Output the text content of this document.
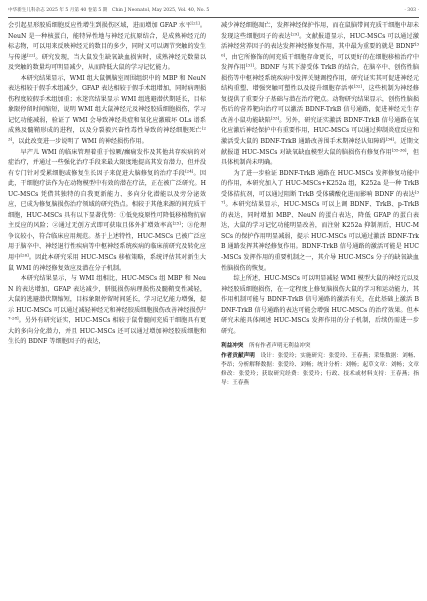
中华新生儿科杂志 2025 年 5 月第 40 卷第 5 期　Chin J Neonatol, May 2025, Vol. 40, No. 5	· 303 ·

会引起星形胶质细胞反应性增生到损伤区域，进而增加 GFAP 水平[21]。NeuN 是一种核蛋白，能特异性地与神经元抗原结合，是成熟神经元的标志物，可以用来反映神经元的数目的多少，同时又可以调节突触的发生与传递[22]。研究发现，当大鼠发生缺氧缺血损害时，成熟神经元数量以及突触的数量均可明显减少，从而降低大鼠的学习记忆能力。

本研究结果显示，WMI 组大鼠侧脑室周围组织中的 MBP 和 NeuN 表达相较于假手术组减少，GFAP 表达相较于假手术组增加，同时病理损伤程度较假手术组加重；水迷宫结果显示 WMI 组逃避潜伏期延长，目标象限停留时间缩短，说明 WMI 组大鼠神经元及神经胶质细胞损伤，学习记忆功能减弱，验证了 WMI 会导致神经炎症和氧化应激破坏 OLs 谱系成熟及髓鞘形成的进程，以及分裂毅兴奋性毒性导致的神经细胞死亡[23]，以此改变进一步说明了 WMI 的神经损伤作用。

早产儿 WMI 的临床管理着重于惊厥/癫痫发作及其他共存疾病的对症治疗，并通过一些强化治疗手段来最大限度地提高其发育潜力，但并没有专门针对受累细胞或修复生长因子来促进大脑修复的治疗手段[24]。因此，干细胞疗法作为在动物模型中有效的潜在疗法，正在被广泛研究。HUC-MSCs 凭借其独特的自我更新能力、多向分化潜能以及旁分泌效应，已成为修复脑损伤治疗领域的研究热点。相较于其他来源的间充质干细胞，HUC-MSCs 具有以下显著优势：①低免疫原性可降低移植物抗宿主反应的风险；②通过无创方式即可获取且体外扩增效率高[25]；③伦理争议较小，符合临床应用规范。基于上述特性，HUC-MSCs 已被广泛应用于脑卒中、神经退行性疾病等中枢神经系统疾病的临床前研究及转化应用中[26]。因此本研究采用 HUC-MSCs 移植策略，系统评估其对新生大鼠 WMI 的神经修复效应及潜在分子机制。

本研究结果显示，与 WMI 组相比，HUC-MSCs 组 MBP 和 NeuN 的表达增加，GFAP 表达减少，胼胝损伤病理损伤及髓鞘变性减轻，大鼠的逃避潜伏期缩短，目标象限停留时间延长，学习记忆能力增强，提示 HUC-MSCs 可以通过减轻神经元和神经胶质细胞损伤改善神经损伤[27-28]。另外有研究证实，HUC-MSCs 相较于鼠骨髓间充质干细胞具有更大的多向分化潜力，并且 HUC-MSCs 还可以通过增加神经胶质细胞和生长的 BDNF 等细胞因子的表达，

减少神经细胞凋亡，发挥神经保护作用，而在鼠脑带间充质干细胞中却未发现这些细胞因子的表达[29]。文献报道显示，HUC-MSCs 可以通过激活神经营养因子的表达发挥神经修复作用，其中最为重要的就是 BDNF[30]，由它所修饰的间充质干细胞存命更长，可以更好的在细胞移植治疗中发挥作用[31]。BDNF 与其下游受体 TrkB 的结合，在脑卒中、创伤性脑损伤等中枢神经系统疾病中发挥关键调控作用，研究证实其可促进神经元结构重塑、增强突触可塑性以及提升细胞存活率[32]，这些机制为神经修复提供了重要分子基础与潜在治疗靶点。动物研究结果显示，创伤性脑损伤后的营养靶向治疗可以激活 BDNF-TrkB 信号通路，促进神经元生存改善小鼠功能缺陷[33]。另外，研究证实激活 BDNF-TrkB 信号通路在氧化应激后神经保护中有重要作用，HUC-MSCs 可以通过抑制炎症反应和激活受大鼠的 BDNF-TrkB 通路改善围手术期神经认知障碍[34]。近期文献报道 HUC-MSCs 对缺氧缺血模型大鼠的脑损伤有修复作用[35-36]，但具体机制尚未明确。

为了进一步验证 BDNF-TrkB 通路在 HUC-MSCs 发挥修复功能中的作用，本研究加入了 HUC-MSCs+K252a 组，K252a 是一种 TrkB 受体拮抗剂，可以通过阻断 TrkB 受体磷酸化进而影响 BDNF 的表达[37]。本研究结果显示，HUC-MSCs 可以上调 BDNF、TrkB、p-TrkB 的表达，同时增加 MBP、NeuN 的蛋白表达，降低 GFAP 的蛋白表达，大鼠的学习记忆功能明显改善，而注射 K252a 抑制剂后，HUC-MSCs 的保护作用明显减弱，提示 HUC-MSCs 可以通过激活 BDNF-TrkB 通路发挥其神经修复作用。BDNF-TrkB 信号通路的激活可能是 HUC-MSCs 发挥作用的重要机制之一，其介导 HUC-MSCs 分子的缺氧缺血性脑损伤的恢复。

综上所述，HUC-MSCs 可以明显减轻 WMI 模型大鼠的神经元以及神经胶质细胞损伤，在一定程度上修复脑损伤大鼠的学习和运动能力，其作用机制可能与 BDNF-TrkB 信号通路的激活有关，在此基础上激活 BDNF-TrkB 信号通路的表达可能会增强 HUC-MSCs 的治疗效果。但本研究未能具体阐述 HUC-MSCs 发挥作用的分子机制，后续仍需进一步研究。

利益冲突　所有作者声明无利益冲突
作者贡献声明　设计：张爱玲；实施研究：张爱玲、王春燕；采集数据：刘畅、李昂；分析解释数据：张爱玲、刘畅；统计分析：刘畅；起草文章：刘畅；文章修改：张爱玲；获取研究经费：张爱玲；行政、技术或材料支持：王春燕；指导：王春燕
